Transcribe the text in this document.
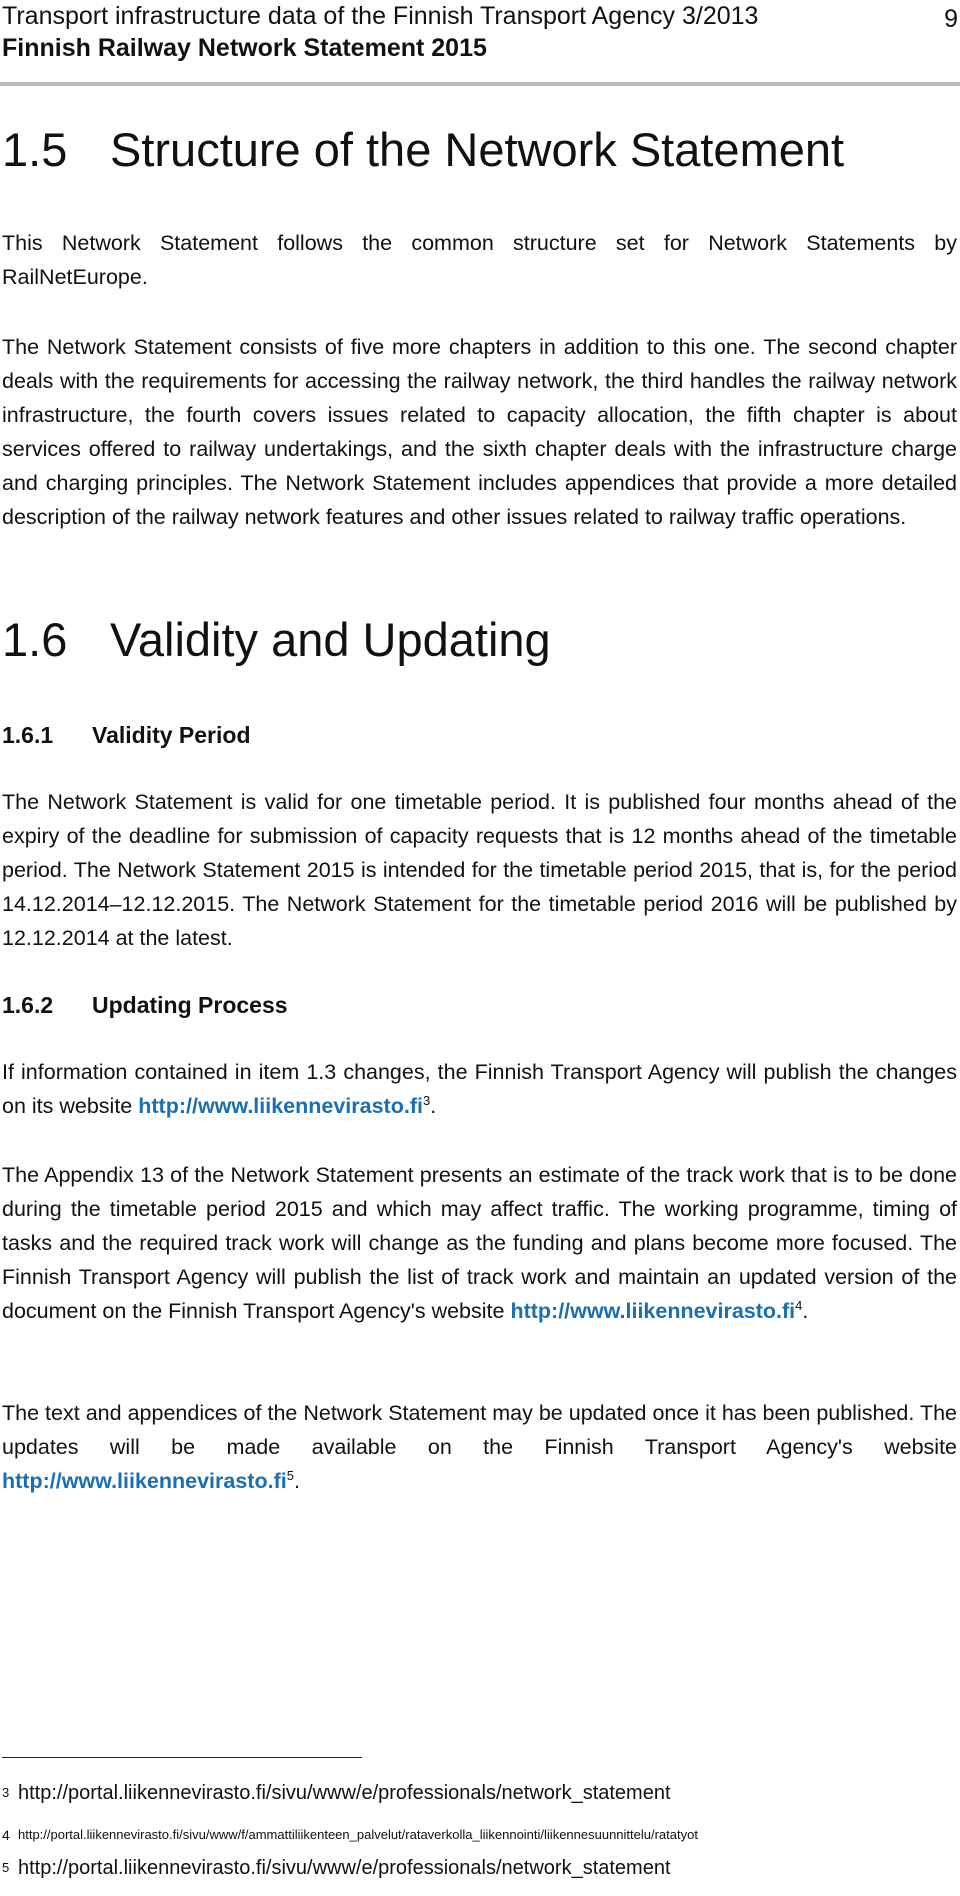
Transport infrastructure data of the Finnish Transport Agency 3/2013
Finnish Railway Network Statement 2015
9
1.5 Structure of the Network Statement

This Network Statement follows the common structure set for Network Statements by RailNetEurope.

The Network Statement consists of five more chapters in addition to this one. The second chapter deals with the requirements for accessing the railway network, the third handles the railway network infrastructure, the fourth covers issues related to capacity allocation, the fifth chapter is about services offered to railway undertakings, and the sixth chapter deals with the infrastructure charge and charging principles. The Network Statement includes appendices that provide a more detailed description of the railway network features and other issues related to railway traffic operations.

1.6 Validity and Updating
1.6.1 Validity Period

The Network Statement is valid for one timetable period. It is published four months ahead of the expiry of the deadline for submission of capacity requests that is 12 months ahead of the timetable period. The Network Statement 2015 is intended for the timetable period 2015, that is, for the period 14.12.2014–12.12.2015. The Network Statement for the timetable period 2016 will be published by 12.12.2014 at the latest.

1.6.2 Updating Process

If information contained in item 1.3 changes, the Finnish Transport Agency will publish the changes on its website http://www.liikennevirasto.fi$^3$.

The Appendix 13 of the Network Statement presents an estimate of the track work that is to be done during the timetable period 2015 and which may affect traffic. The working programme, timing of tasks and the required track work will change as the funding and plans become more focused. The Finnish Transport Agency will publish the list of track work and maintain an updated version of the document on the Finnish Transport Agency's website http://www.liikennevirasto.fi$^4$.

The text and appendices of the Network Statement may be updated once it has been published. The updates will be made available on the Finnish Transport Agency's website http://www.liikennevirasto.fi$^5$.

3 http://portal.liikennevirasto.fi/sivu/www/e/professionals/network_statement
4 http://portal.liikennevirasto.fi/sivu/www/f/ammattiliikenteen_palvelut/rataverkolla_liikennointi/liikennesuunnittelu/ratatyot
5 http://portal.liikennevirasto.fi/sivu/www/e/professionals/network_statement
